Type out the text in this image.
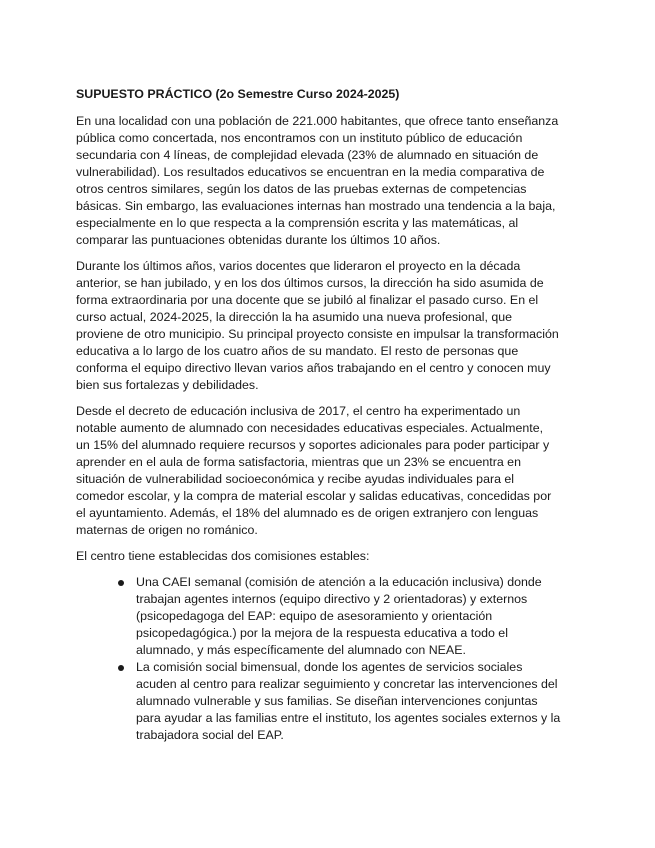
SUPUESTO PRÁCTICO (2o Semestre Curso 2024-2025)
En una localidad con una población de 221.000 habitantes, que ofrece tanto enseñanza
pública como concertada, nos encontramos con un instituto público de educación
secundaria con 4 líneas, de complejidad elevada (23% de alumnado en situación de
vulnerabilidad). Los resultados educativos se encuentran en la media comparativa de
otros centros similares, según los datos de las pruebas externas de competencias
básicas. Sin embargo, las evaluaciones internas han mostrado una tendencia a la baja,
especialmente en lo que respecta a la comprensión escrita y las matemáticas, al
comparar las puntuaciones obtenidas durante los últimos 10 años.
Durante los últimos años, varios docentes que lideraron el proyecto en la década
anterior, se han jubilado, y en los dos últimos cursos, la dirección ha sido asumida de
forma extraordinaria por una docente que se jubiló al finalizar el pasado curso. En el
curso actual, 2024-2025, la dirección la ha asumido una nueva profesional, que
proviene de otro municipio. Su principal proyecto consiste en impulsar la transformación
educativa a lo largo de los cuatro años de su mandato. El resto de personas que
conforma el equipo directivo llevan varios años trabajando en el centro y conocen muy
bien sus fortalezas y debilidades.
Desde el decreto de educación inclusiva de 2017, el centro ha experimentado un
notable aumento de alumnado con necesidades educativas especiales. Actualmente,
un 15% del alumnado requiere recursos y soportes adicionales para poder participar y
aprender en el aula de forma satisfactoria, mientras que un 23% se encuentra en
situación de vulnerabilidad socioeconómica y recibe ayudas individuales para el
comedor escolar, y la compra de material escolar y salidas educativas, concedidas por
el ayuntamiento. Además, el 18% del alumnado es de origen extranjero con lenguas
maternas de origen no románico.
El centro tiene establecidas dos comisiones estables:
Una CAEI semanal (comisión de atención a la educación inclusiva) donde
trabajan agentes internos (equipo directivo y 2 orientadoras) y externos
(psicopedagoga del EAP: equipo de asesoramiento y orientación
psicopedagógica.) por la mejora de la respuesta educativa a todo el
alumnado, y más específicamente del alumnado con NEAE.
La comisión social bimensual, donde los agentes de servicios sociales
acuden al centro para realizar seguimiento y concretar las intervenciones del
alumnado vulnerable y sus familias. Se diseñan intervenciones conjuntas
para ayudar a las familias entre el instituto, los agentes sociales externos y la
trabajadora social del EAP.
